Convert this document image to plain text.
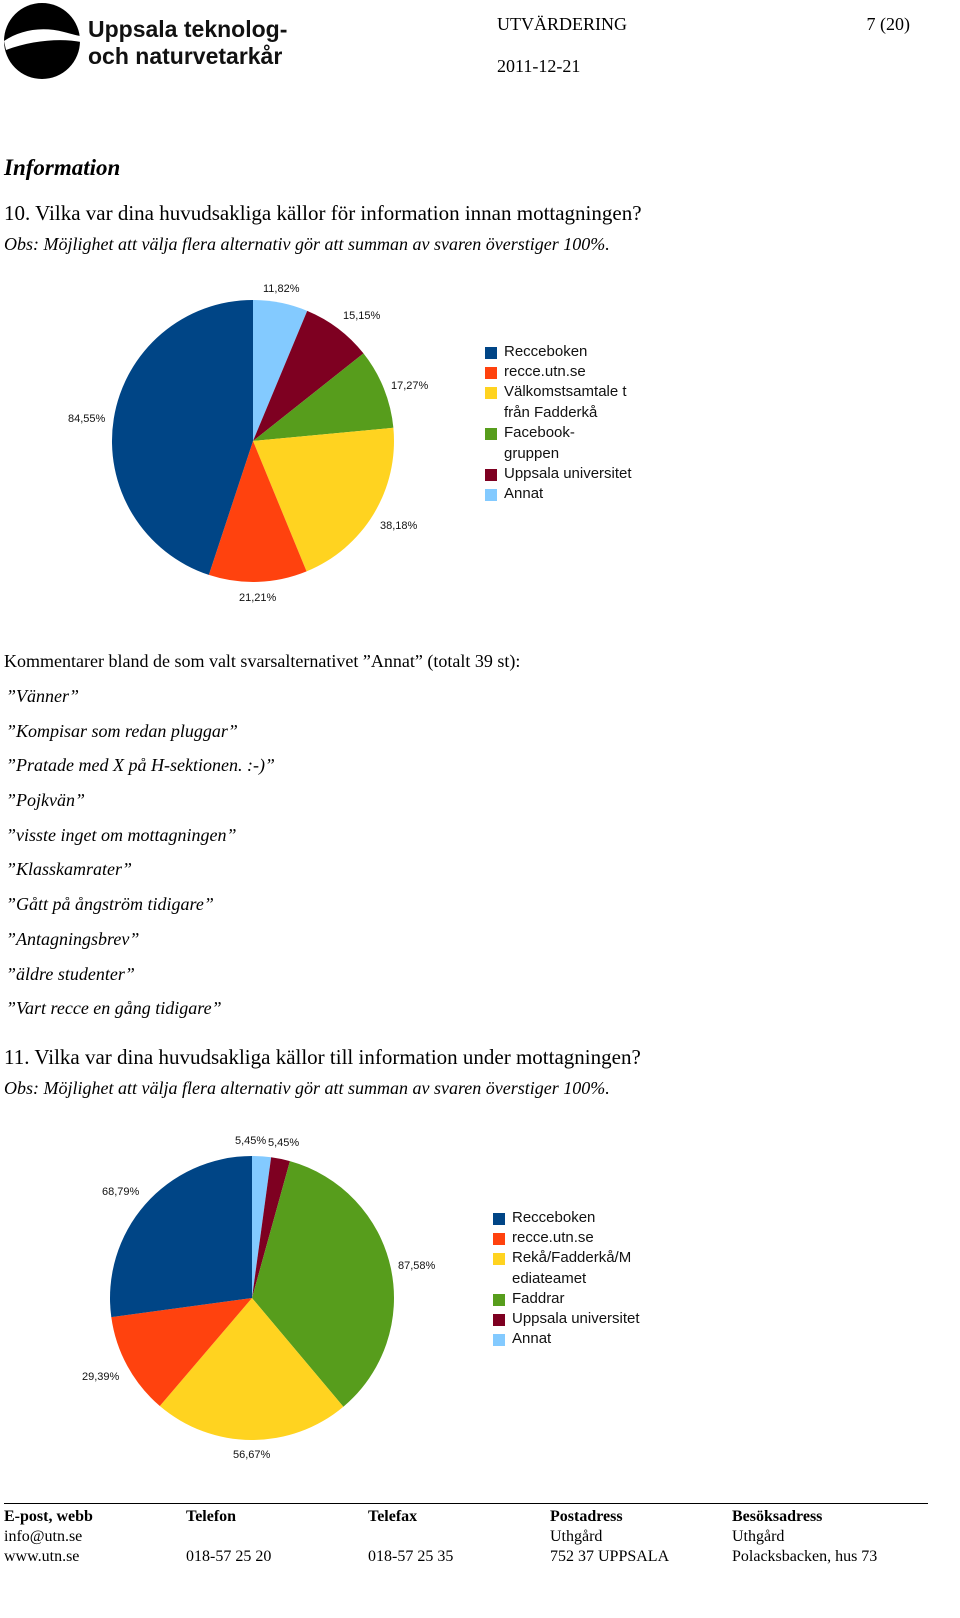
Uppsala teknolog-
och naturvetarkår
UTVÄRDERING	7 (20)
2011-12-21
Information
10. Vilka var dina huvudsakliga källor för information innan mottagningen?
Obs: Möjlighet att välja flera alternativ gör att summan av svaren överstiger 100%.
11,82%
15,15%
17,27%
38,18%
21,21%
84,55%
Recceboken
recce.utn.se
Välkomstsamtale t från Fadderkå
Facebook- gruppen
Uppsala universitet
Annat
Kommentarer bland de som valt svarsalternativet ”Annat” (totalt 39 st):
”Vänner”
”Kompisar som redan pluggar”
”Pratade med X på H-sektionen. :-)”
”Pojkvän”
”visste inget om mottagningen”
”Klasskamrater”
”Gått på ångström tidigare”
”Antagningsbrev”
”äldre studenter”
”Vart recce en gång tidigare”
11. Vilka var dina huvudsakliga källor till information under mottagningen?
Obs: Möjlighet att välja flera alternativ gör att summan av svaren överstiger 100%.
5,45% 5,45%
87,58%
56,67%
29,39%
68,79%
Recceboken
recce.utn.se
Rekå/Fadderkå/M ediateamet
Faddrar
Uppsala universitet
Annat
E-post, webb
info@utn.se
www.utn.se
Telefon
018-57 25 20
Telefax
018-57 25 35
Postadress
Uthgård
752 37 UPPSALA
Besöksadress
Uthgård
Polacksbacken, hus 73
